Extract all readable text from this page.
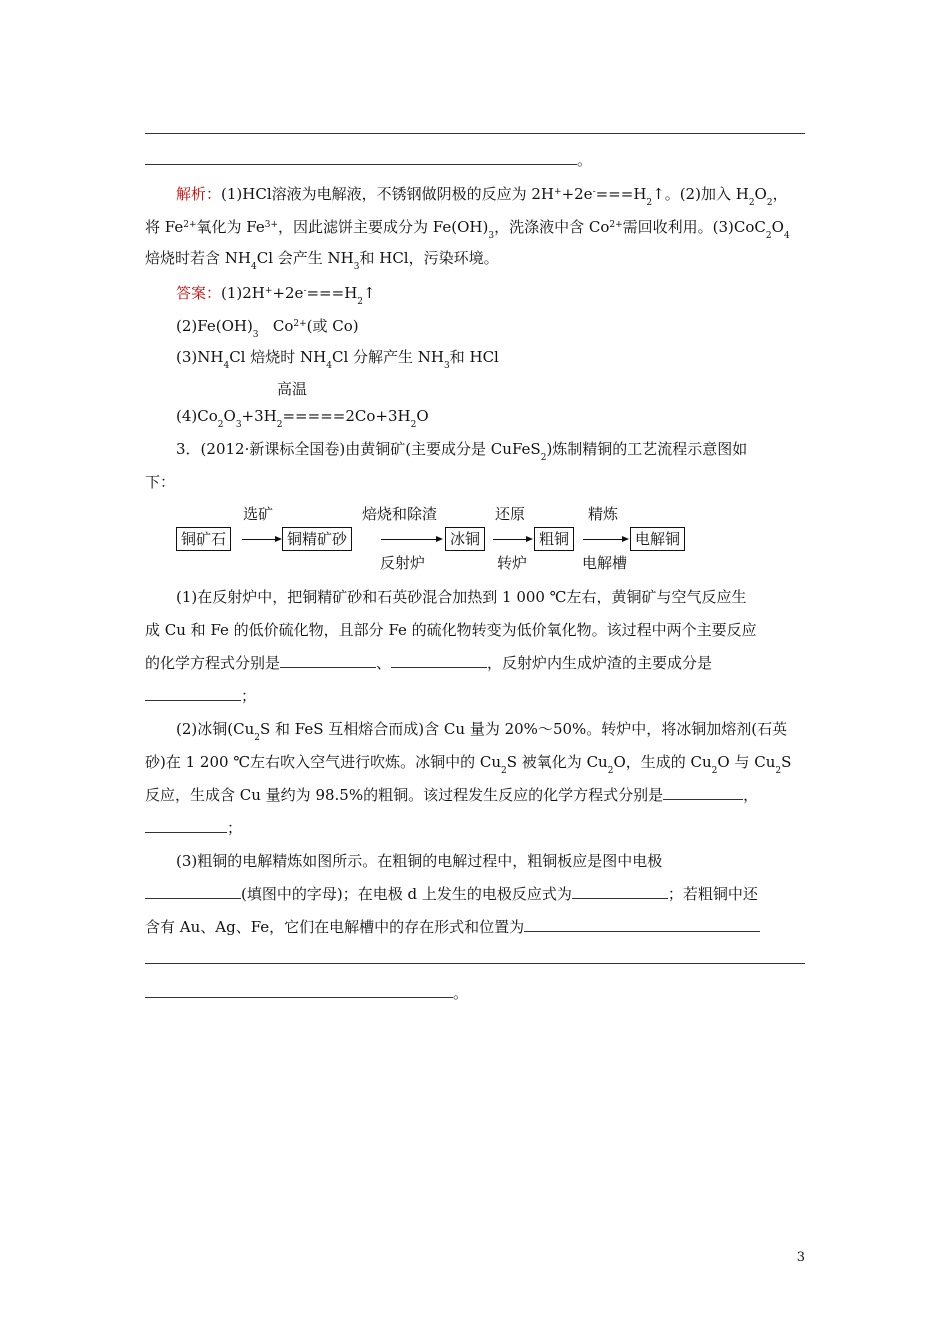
。
解析：(1)HCl溶液为电解液，不锈钢做阴极的反应为 $2H^++2e^-===H_2↑$。(2)加入 $H_2O_2$，
将 $Fe^{2+}$氧化为 $Fe^{3+}$，因此滤饼主要成分为 $Fe(OH)_3$，洗涤液中含 $Co^{2+}$需回收利用。$(3)CoC_2O_4$
焙烧时若含 $NH_4Cl$ 会产生 $NH_3$和 HCl，污染环境。
答案：$(1)2H^++2e^-===H_2↑$
$(2)Fe(OH)_3$ $Co^{2+}$(或 Co)
$(3)NH_4Cl$ 焙烧时 $NH_4Cl$ 分解产生 $NH_3$和 HCl
高温
$(4)Co_2O_3+3H_2=====2Co+3H_2O$
3．(2012·新课标全国卷)由黄铜矿(主要成分是 CuFeS$_2$)炼制精铜的工艺流程示意图如
下：
选矿	焙烧和除渣	还原	精炼
铜矿石	铜精矿砂	冰铜	粗铜	电解铜
反射炉	转炉	电解槽
(1)在反射炉中，把铜精矿砂和石英砂混合加热到 1 000 ℃左右，黄铜矿与空气反应生
成 Cu 和 Fe 的低价硫化物，且部分 Fe 的硫化物转变为低价氧化物。该过程中两个主要反应
的化学方程式分别是	、	，反射炉内生成炉渣的主要成分是
；
(2)冰铜($Cu_2S$ 和 FeS 互相熔合而成)含 Cu 量为 20%～50%。转炉中，将冰铜加熔剂(石英
砂)在 1 200 ℃左右吹入空气进行吹炼。冰铜中的 $Cu_2S$ 被氧化为 $Cu_2O$，生成的 $Cu_2O$ 与 $Cu_2S$
反应，生成含 Cu 量约为 98.5%的粗铜。该过程发生反应的化学方程式分别是	，
；
(3)粗铜的电解精炼如图所示。在粗铜的电解过程中，粗铜板应是图中电极
(填图中的字母)；在电极 d 上发生的电极反应式为	；若粗铜中还
含有 Au、Ag、Fe，它们在电解槽中的存在形式和位置为
。
3
